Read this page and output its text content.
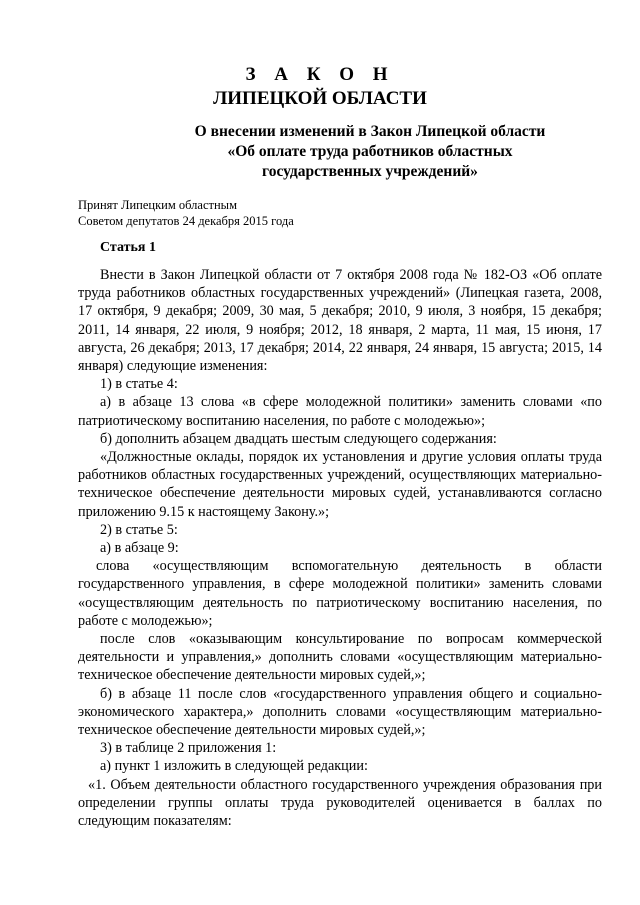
З А К О Н
ЛИПЕЦКОЙ ОБЛАСТИ
О внесении изменений в Закон Липецкой области
«Об оплате труда работников областных
государственных учреждений»
Принят Липецким областным
Советом депутатов 24 декабря 2015 года
Статья 1

Внести в Закон Липецкой области от 7 октября 2008 года № 182-ОЗ «Об оплате труда работников областных государственных учреждений» (Липецкая газета, 2008, 17 октября, 9 декабря; 2009, 30 мая, 5 декабря; 2010, 9 июля, 3 ноября, 15 декабря; 2011, 14 января, 22 июля, 9 ноября; 2012, 18 января, 2 марта, 11 мая, 15 июня, 17 августа, 26 декабря; 2013, 17 декабря; 2014, 22 января, 24 января, 15 августа; 2015, 14 января) следующие изменения:

1) в статье 4:

а) в абзаце 13 слова «в сфере молодежной политики» заменить словами «по патриотическому воспитанию населения, по работе с молодежью»;

б) дополнить абзацем двадцать шестым следующего содержания:

«Должностные оклады, порядок их установления и другие условия оплаты труда работников областных государственных учреждений, осуществляющих материально-техническое обеспечение деятельности мировых судей, устанавливаются согласно приложению 9.15 к настоящему Закону.»;

2) в статье 5:

а) в абзаце 9:

слова «осуществляющим вспомогательную деятельность в области государственного управления, в сфере молодежной политики» заменить словами «осуществляющим деятельность по патриотическому воспитанию населения, по работе с молодежью»;

после слов «оказывающим консультирование по вопросам коммерческой деятельности и управления,» дополнить словами «осуществляющим материально-техническое обеспечение деятельности мировых судей,»;

б) в абзаце 11 после слов «государственного управления общего и социально-экономического характера,» дополнить словами «осуществляющим материально-техническое обеспечение деятельности мировых судей,»;

3) в таблице 2 приложения 1:

а) пункт 1 изложить в следующей редакции:

«1. Объем деятельности областного государственного учреждения образования при определении группы оплаты труда руководителей оценивается в баллах по следующим показателям:
